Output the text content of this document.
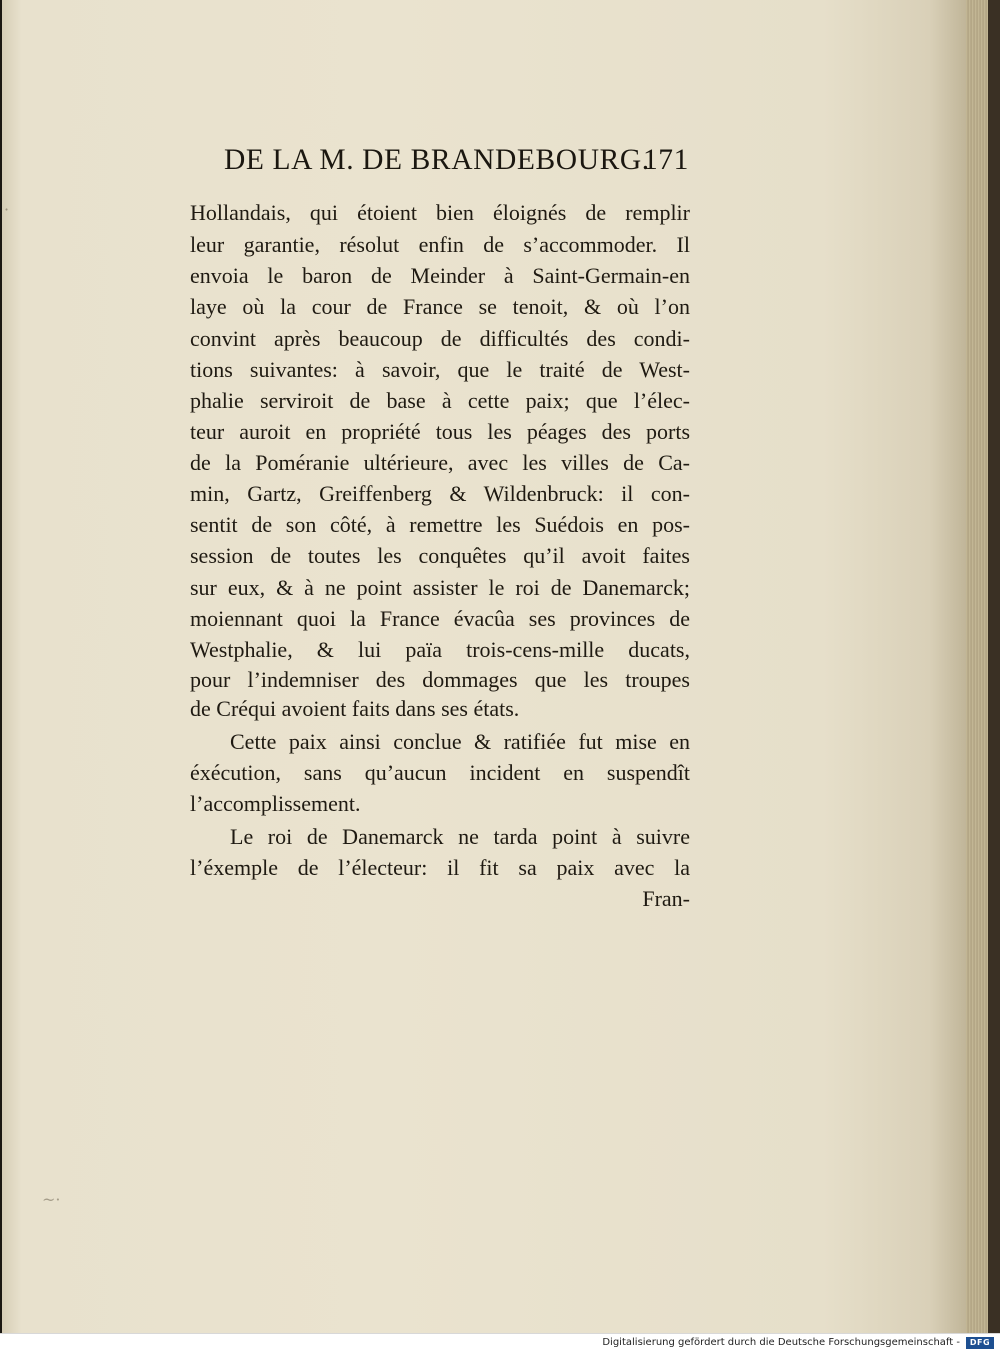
DE LA M. DE BRANDEBOURG.
171
Hollandais, qui étoient bien éloignés de remplir
leur garantie, résolut enfin de s’accommoder. Il
envoia le baron de Meinder à Saint-Germain-en
laye où la cour de France se tenoit, & où l’on
convint après beaucoup de difficultés des condi-
tions suivantes: à savoir, que le traité de West-
phalie serviroit de base à cette paix; que l’élec-
teur auroit en propriété tous les péages des ports
de la Poméranie ultérieure, avec les villes de Ca-
min, Gartz, Greiffenberg & Wildenbruck: il con-
sentit de son côté, à remettre les Suédois en pos-
session de toutes les conquêtes qu’il avoit faites
sur eux, & à ne point assister le roi de Danemarck;
moiennant quoi la France évacûa ses provinces de
Westphalie, & lui païa trois-cens-mille ducats,
pour l’indemniser des dommages que les troupes
de Créqui avoient faits dans ses états.
Cette paix ainsi conclue & ratifiée fut mise en
éxécution, sans qu’aucun incident en suspendît
l’accomplissement.
Le roi de Danemarck ne tarda point à suivre
l’éxemple de l’électeur: il fit sa paix avec la
Fran-
·
~·
Digitalisierung gefördert durch die Deutsche Forschungsgemeinschaft -	DFG
